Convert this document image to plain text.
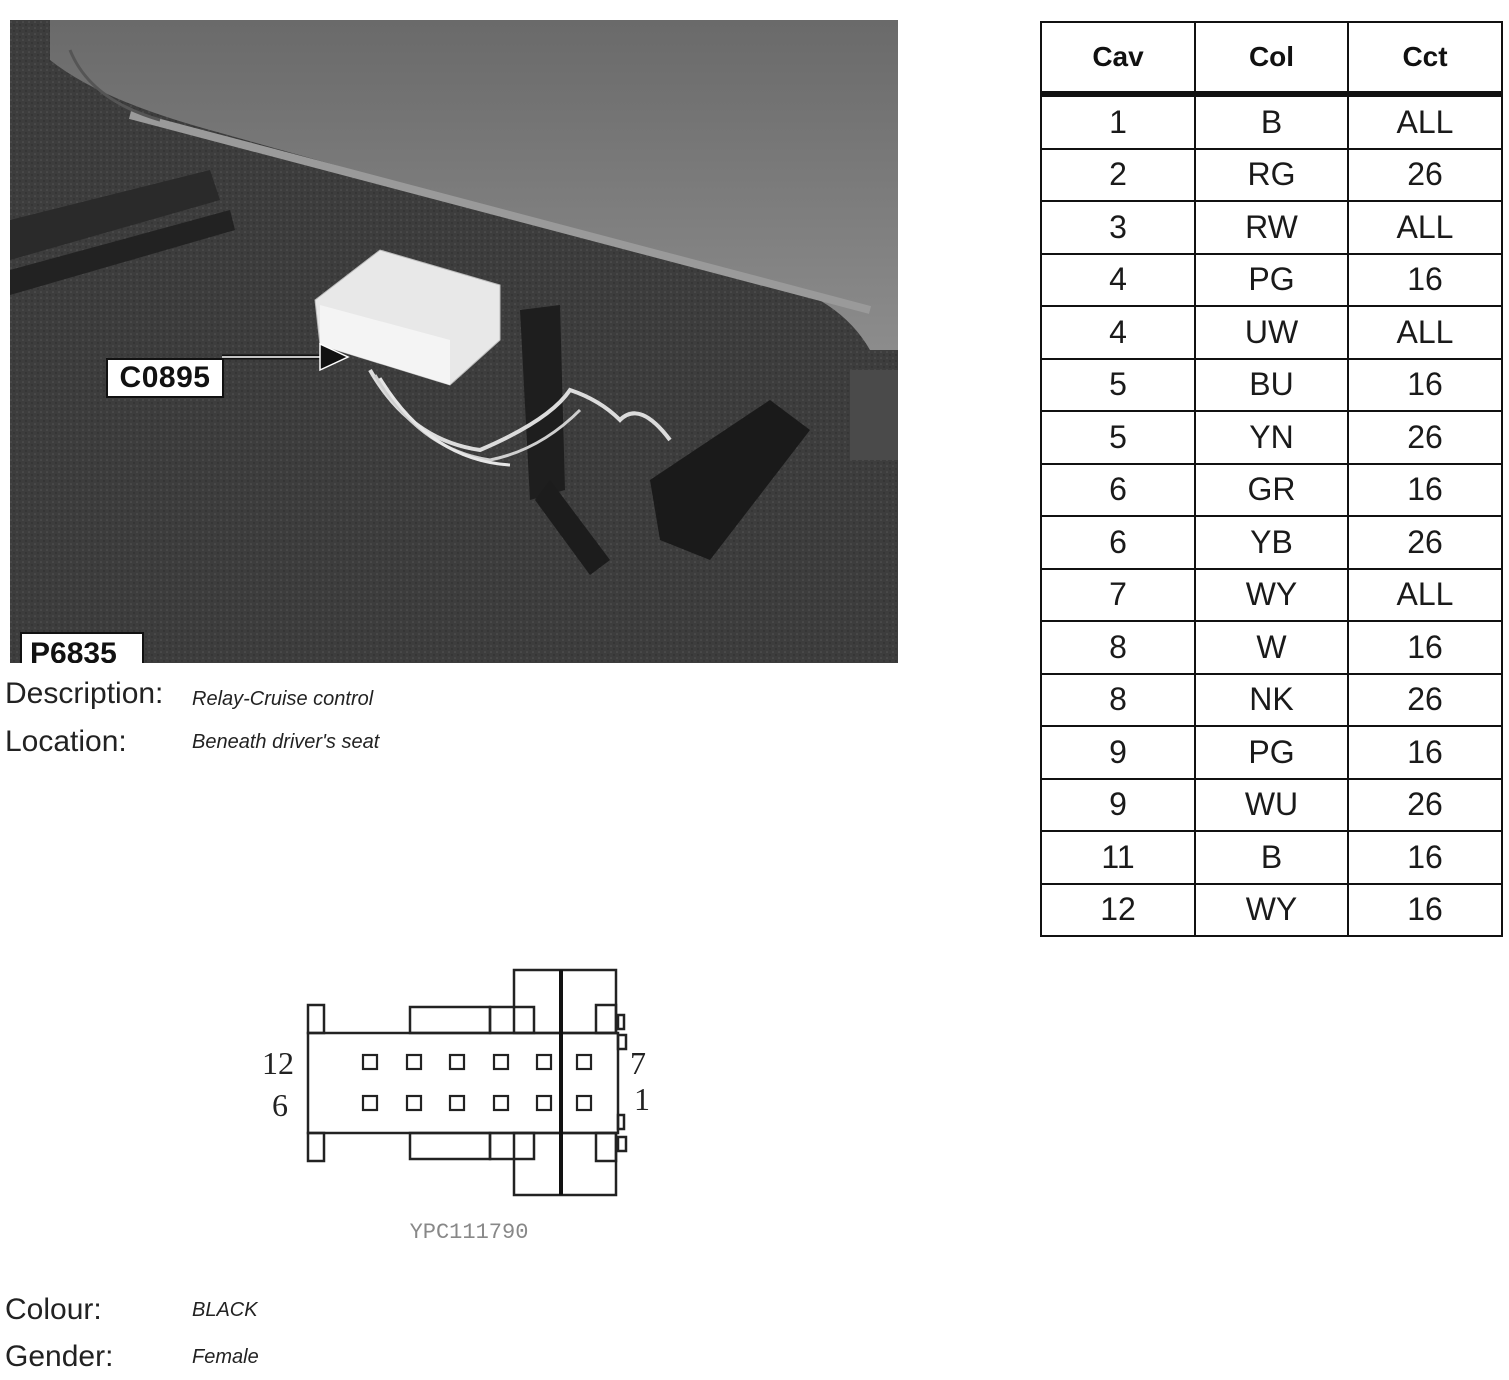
C0895
P6835
Description: Relay-Cruise control
Location:	Beneath driver's seat
Cav	Col	Cct
1	B	ALL
2	RG	26
3	RW	ALL
4	PG	16
4	UW	ALL
5	BU	16
5	YN	26
6	GR	16
6	YB	26
7	WY	ALL
8	W	16
8	NK	26
9	PG	16
9	WU	26
11	B	16
12	WY	16
12
6
7
1
YPC111790
Colour:	BLACK
Gender:	Female
